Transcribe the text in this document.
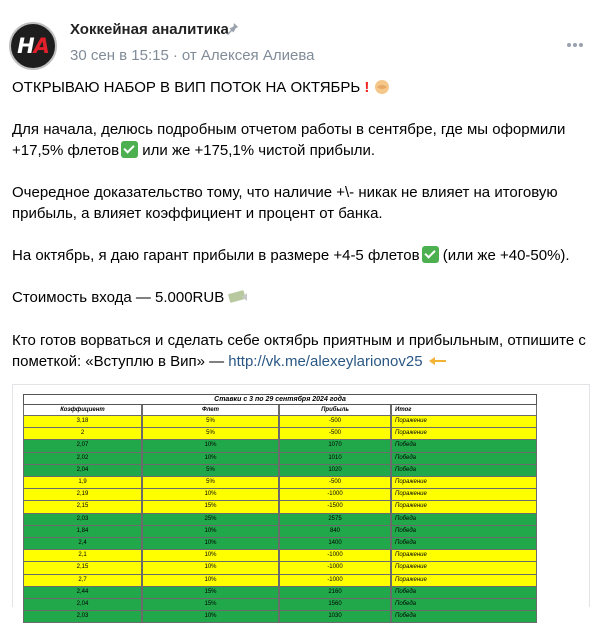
H A
Хоккейная аналитика
30 сен в 15:15 · от Алексея Алиева
ОТКРЫВАЮ НАБОР В ВИП ПОТОК НА ОКТЯБРЬ !
Для начала, делюсь подробным отчетом работы в сентябре, где мы оформили
+17,5% флетов или же +175,1% чистой прибыли.
Очередное доказательство тому, что наличие +\- никак не влияет на итоговую
прибыль, а влияет коэффициент и процент от банка.
На октябрь, я даю гарант прибыли в размере +4-5 флетов (или же +40-50%).
Стоимость входа — 5.000RUB
Кто готов ворваться и сделать себе октябрь приятным и прибыльным, отпишите с
пометкой: «Вступлю в Вип» — http://vk.me/alexeylarionov25
Ставки с 3 по 29 сентября 2024 года
Коэффициент	Флет	Прибыль	Итог
3,18	5%	-500	Поражение
2	5%	-500	Поражение
2,07	10%	1070	Победа
2,02	10%	1010	Победа
2,04	5%	1020	Победа
1,9	5%	-500	Поражение
2,19	10%	-1000	Поражение
2,15	15%	-1500	Поражение
2,03	25%	2575	Победа
1,84	10%	840	Победа
2,4	10%	1400	Победа
2,1	10%	-1000	Поражение
2,15	10%	-1000	Поражение
2,7	10%	-1000	Поражение
2,44	15%	2160	Победа
2,04	15%	1560	Победа
2,03	10%	1030	Победа
